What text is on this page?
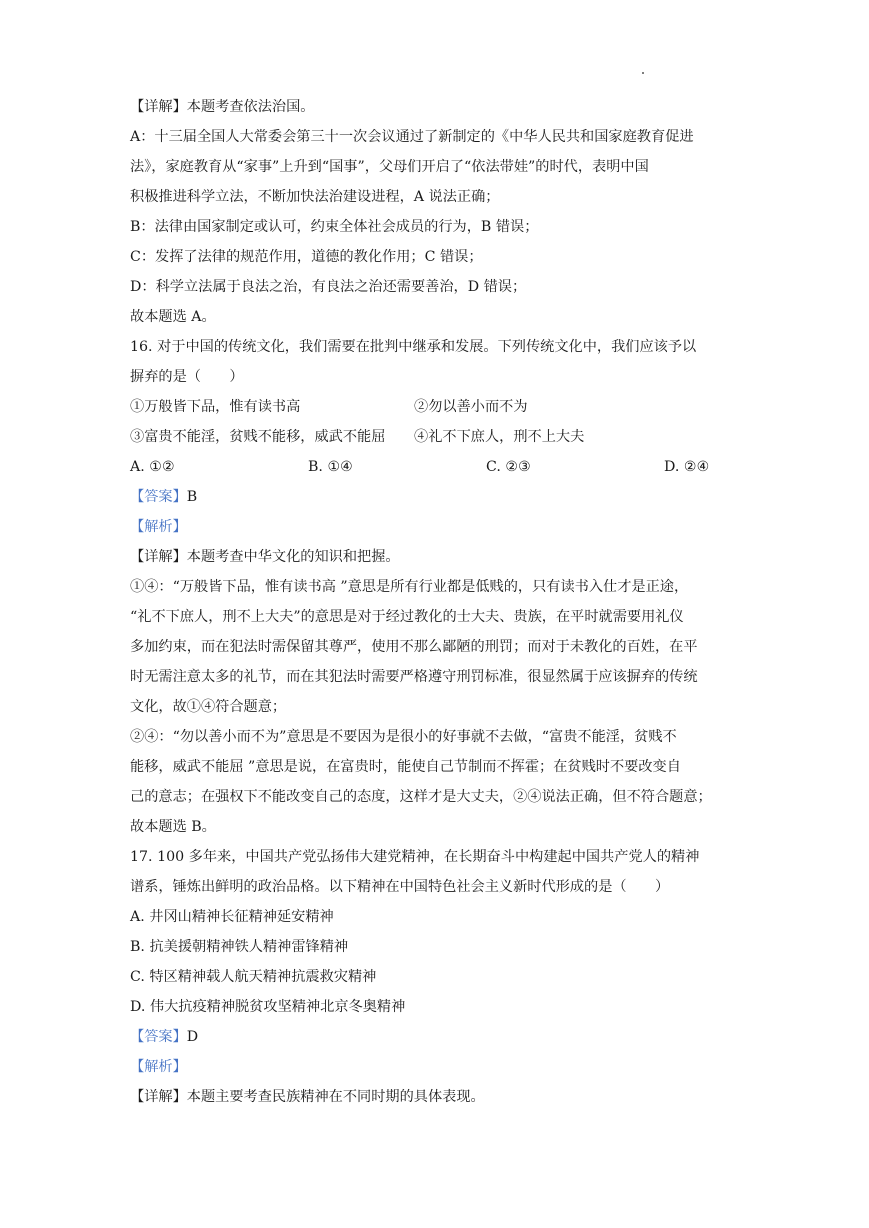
【详解】本题考查依法治国。
A：十三届全国人大常委会第三十一次会议通过了新制定的《中华人民共和国家庭教育促进
法》，家庭教育从“家事”上升到“国事”，父母们开启了“依法带娃”的时代，表明中国
积极推进科学立法，不断加快法治建设进程，A 说法正确；
B：法律由国家制定或认可，约束全体社会成员的行为，B 错误；
C：发挥了法律的规范作用，道德的教化作用；C 错误；
D：科学立法属于良法之治，有良法之治还需要善治，D 错误；
故本题选 A。
16. 对于中国的传统文化，我们需要在批判中继承和发展。下列传统文化中，我们应该予以
摒弃的是（　　）
①万般皆下品，惟有读书高	②勿以善小而不为
③富贵不能淫，贫贱不能移，威武不能屈	④礼不下庶人，刑不上大夫
A. ①②	B. ①④	C. ②③	D. ②④
【答案】B
【解析】
【详解】本题考查中华文化的知识和把握。
①④：“万般皆下品，惟有读书高 ”意思是所有行业都是低贱的，只有读书入仕才是正途，
“礼不下庶人，刑不上大夫”的意思是对于经过教化的士大夫、贵族，在平时就需要用礼仪
多加约束，而在犯法时需保留其尊严，使用不那么鄙陋的刑罚；而对于未教化的百姓，在平
时无需注意太多的礼节，而在其犯法时需要严格遵守刑罚标准，很显然属于应该摒弃的传统
文化，故①④符合题意；
②④：“勿以善小而不为”意思是不要因为是很小的好事就不去做，“富贵不能淫，贫贱不
能移，威武不能屈 ”意思是说，在富贵时，能使自己节制而不挥霍；在贫贱时不要改变自
己的意志；在强权下不能改变自己的态度，这样才是大丈夫，②④说法正确，但不符合题意；
故本题选 B。
17. 100 多年来，中国共产党弘扬伟大建党精神，在长期奋斗中构建起中国共产党人的精神
谱系，锤炼出鲜明的政治品格。以下精神在中国特色社会主义新时代形成的是（　　）
A. 井冈山精神长征精神延安精神
B. 抗美援朝精神铁人精神雷锋精神
C. 特区精神载人航天精神抗震救灾精神
D. 伟大抗疫精神脱贫攻坚精神北京冬奥精神
【答案】D
【解析】
【详解】本题主要考查民族精神在不同时期的具体表现。
